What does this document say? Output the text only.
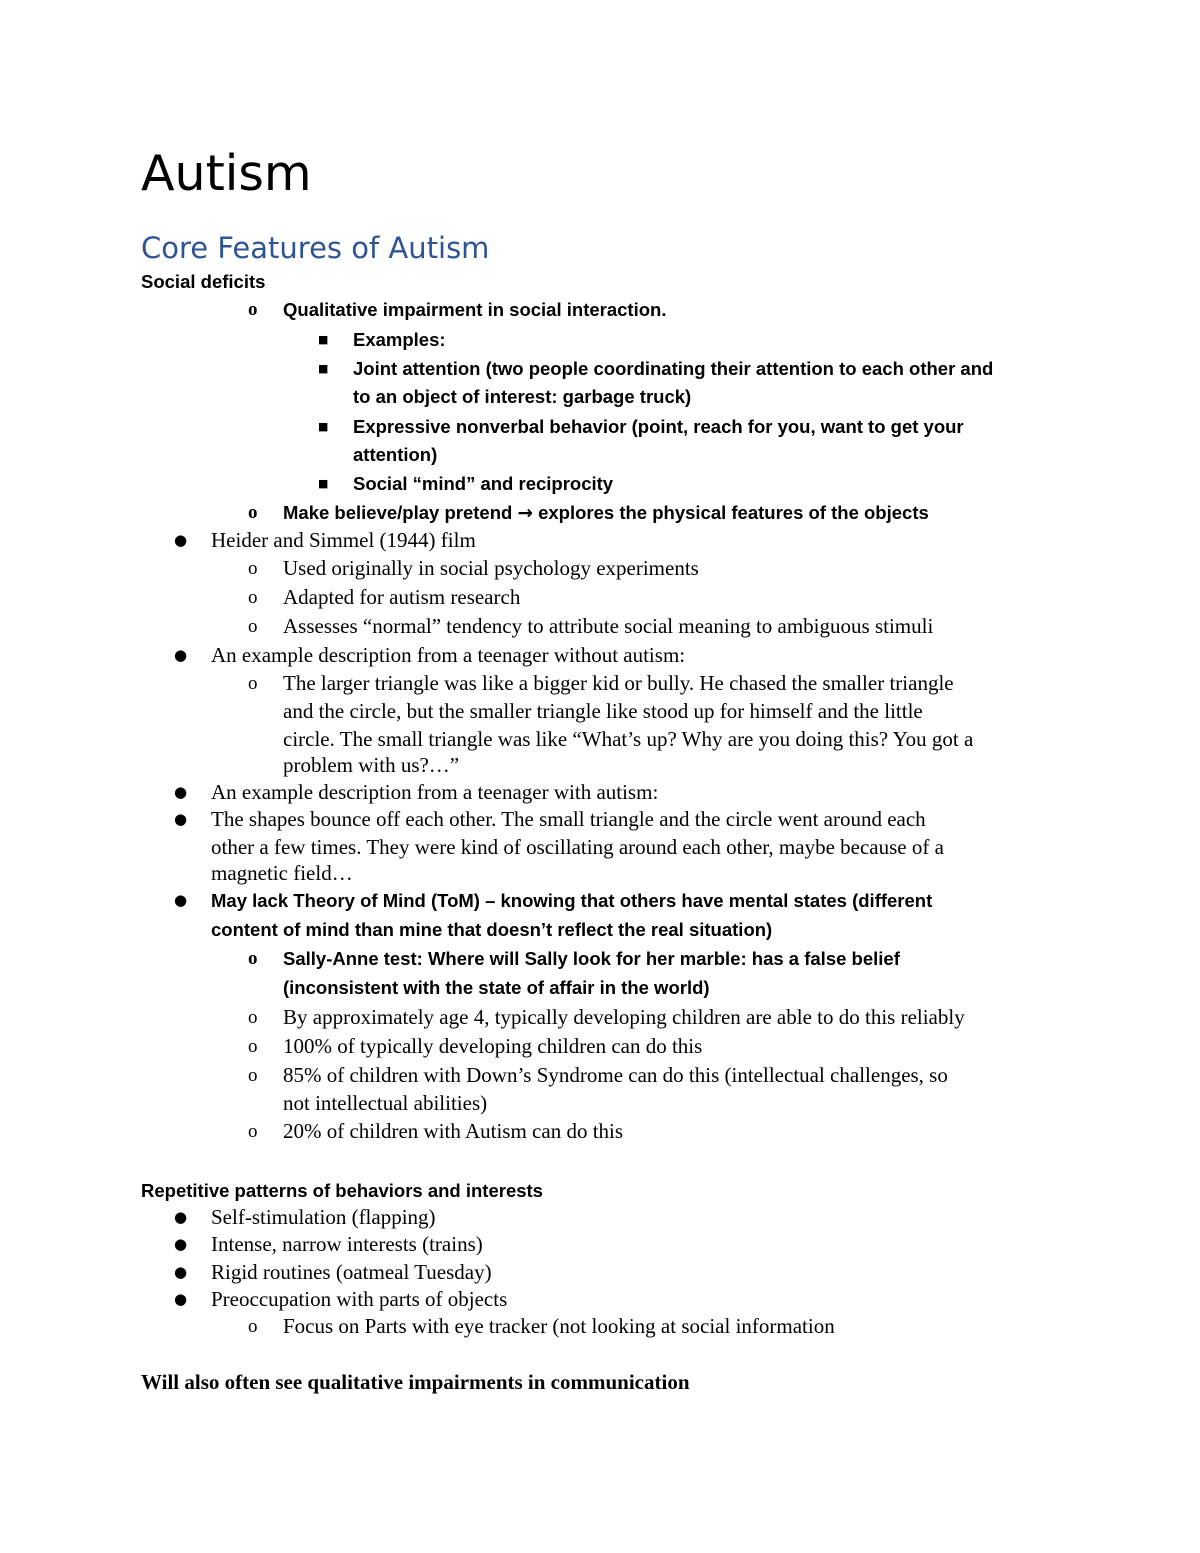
Autism
Core Features of Autism
Social deficits
o Qualitative impairment in social interaction.
■ Examples:
■ Joint attention (two people coordinating their attention to each other and
to an object of interest: garbage truck)
■ Expressive nonverbal behavior (point, reach for you, want to get your
attention)
■ Social “mind” and reciprocity
o Make believe/play pretend → explores the physical features of the objects
● Heider and Simmel (1944) film
o Used originally in social psychology experiments
o Adapted for autism research
o Assesses “normal” tendency to attribute social meaning to ambiguous stimuli
● An example description from a teenager without autism:
o The larger triangle was like a bigger kid or bully. He chased the smaller triangle
and the circle, but the smaller triangle like stood up for himself and the little
circle. The small triangle was like “What’s up? Why are you doing this? You got a
problem with us?…”
● An example description from a teenager with autism:
● The shapes bounce off each other. The small triangle and the circle went around each
other a few times. They were kind of oscillating around each other, maybe because of a
magnetic field…
● May lack Theory of Mind (ToM) – knowing that others have mental states (different
content of mind than mine that doesn’t reflect the real situation)
o Sally-Anne test: Where will Sally look for her marble: has a false belief
(inconsistent with the state of affair in the world)
o By approximately age 4, typically developing children are able to do this reliably
o 100% of typically developing children can do this
o 85% of children with Down’s Syndrome can do this (intellectual challenges, so
not intellectual abilities)
o 20% of children with Autism can do this
Repetitive patterns of behaviors and interests
● Self-stimulation (flapping)
● Intense, narrow interests (trains)
● Rigid routines (oatmeal Tuesday)
● Preoccupation with parts of objects
o Focus on Parts with eye tracker (not looking at social information
Will also often see qualitative impairments in communication
